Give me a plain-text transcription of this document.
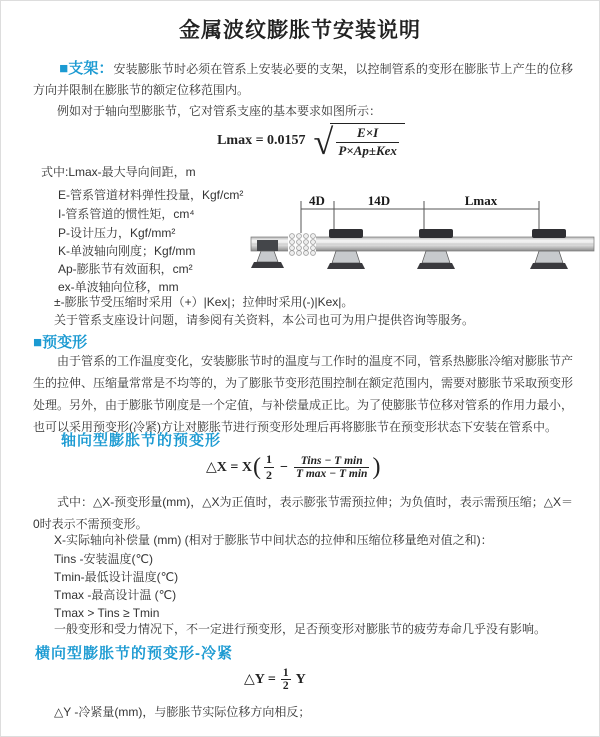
金属波纹膨胀节安装说明
■支架：安装膨胀节时必须在管系上安装必要的支架，以控制管系的变形在膨胀节上产生的位移方向并限制在膨胀节的额定位移范围内。
例如对于轴向型膨胀节，它对管系支座的基本要求如图所示：
Lmax = 0.0157 √ $\frac{E\times I}{\text{P×Ap±Kex}}$
式中:Lmax-最大导向间距，m
E-管系管道材料弹性投量，Kgf/cm²
I-管系管道的惯性矩，cm⁴
P-设计压力，Kgf/mm²
K-单波轴向刚度；Kgf/mm
Ap-膨胀节有效面积，cm²
ex-单波轴向位移，mm
±-膨胀节受压缩时采用（+）|Kex|；拉伸时采用(-)|Kex|。
关于管系支座设计问题，请参阅有关资料，本公司也可为用户提供咨询等服务。
4D	14D	Lmax
■预变形
由于管系的工作温度变化，安装膨胀节时的温度与工作时的温度不同，管系热膨胀冷缩对膨胀节产生的拉伸、压缩量常常是不均等的，为了膨胀节变形范围控制在额定范围内，需要对膨胀节采取预变形处理。另外，由于膨胀节刚度是一个定值，与补偿量成正比。为了使膨胀节位移对管系的作用力最小，也可以采用预变形(冷紧)方让对膨胀节进行预变形处理后再将膨胀节在预变形状态下安装在管系中。
轴向型膨胀节的预变形
△X = X ( $\frac{1}{2} - \frac{\text{Tins − T min}}{\text{T max − T min}}$ )
式中：△X-预变形量(mm)，△X为正值时，表示膨张节需预拉伸；为负值时，表示需预压缩；△X＝0时表示不需预变形。
X-实际轴向补偿量 (mm) (相对于膨胀节中间状态的拉伸和压缩位移量绝对值之和)：
Tins -安装温度(℃)
Tmin-最低设计温度(℃)
Tmax -最高设计温 (℃)
Tmax > Tins ≥ Tmin
一般变形和受力情况下，不一定进行预变形，足否预变形对膨胀节的疲劳寿命几乎没有影响。
横向型膨胀节的预变形-冷紧
△Y = $\frac{1}{2}$ Y
△Y -冷紧量(mm)，与膨胀节实际位移方向相反；
